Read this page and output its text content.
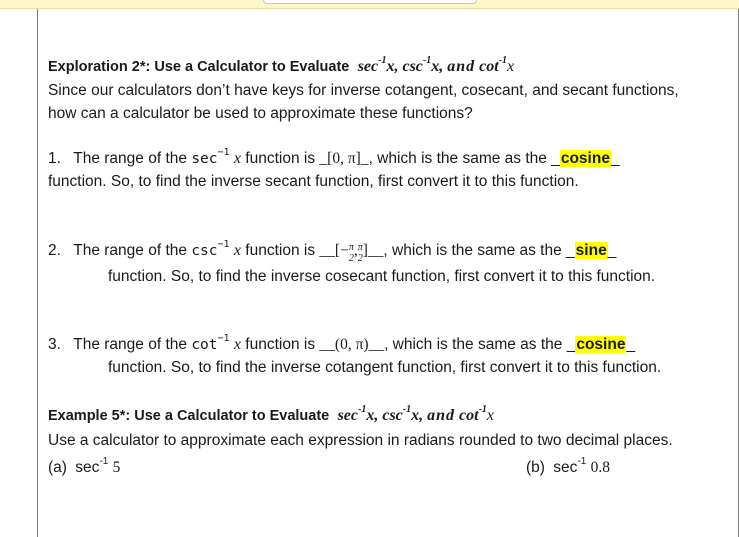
Exploration 2*: Use a Calculator to Evaluate $\sec^{-1}x$, $\csc^{-1}x$, and $\cot^{-1}x$
Since our calculators don’t have keys for inverse cotangent, cosecant, and secant functions,
how can a calculator be used to approximate these functions?
1. The range of the $\sec^{-1} x$ function is _[0, π]_, which is the same as the _cosine_
function. So, to find the inverse secant function, first convert it to this function.
2. The range of the $\csc^{-1} x$ function is __[− π
2 , π
2 ]__, which is the same as the _sine_
function. So, to find the inverse cosecant function, first convert it to this function.
3. The range of the $\cot^{-1} x$ function is __(0, π)__, which is the same as the _cosine_
function. So, to find the inverse cotangent function, first convert it to this function.
Example 5*: Use a Calculator to Evaluate $\sec^{-1}x$, $\csc^{-1}x$, and $\cot^{-1}x$
Use a calculator to approximate each expression in radians rounded to two decimal places.
(a) $\sec^{-1} 5$	(b) $\sec^{-1} 0.8$
